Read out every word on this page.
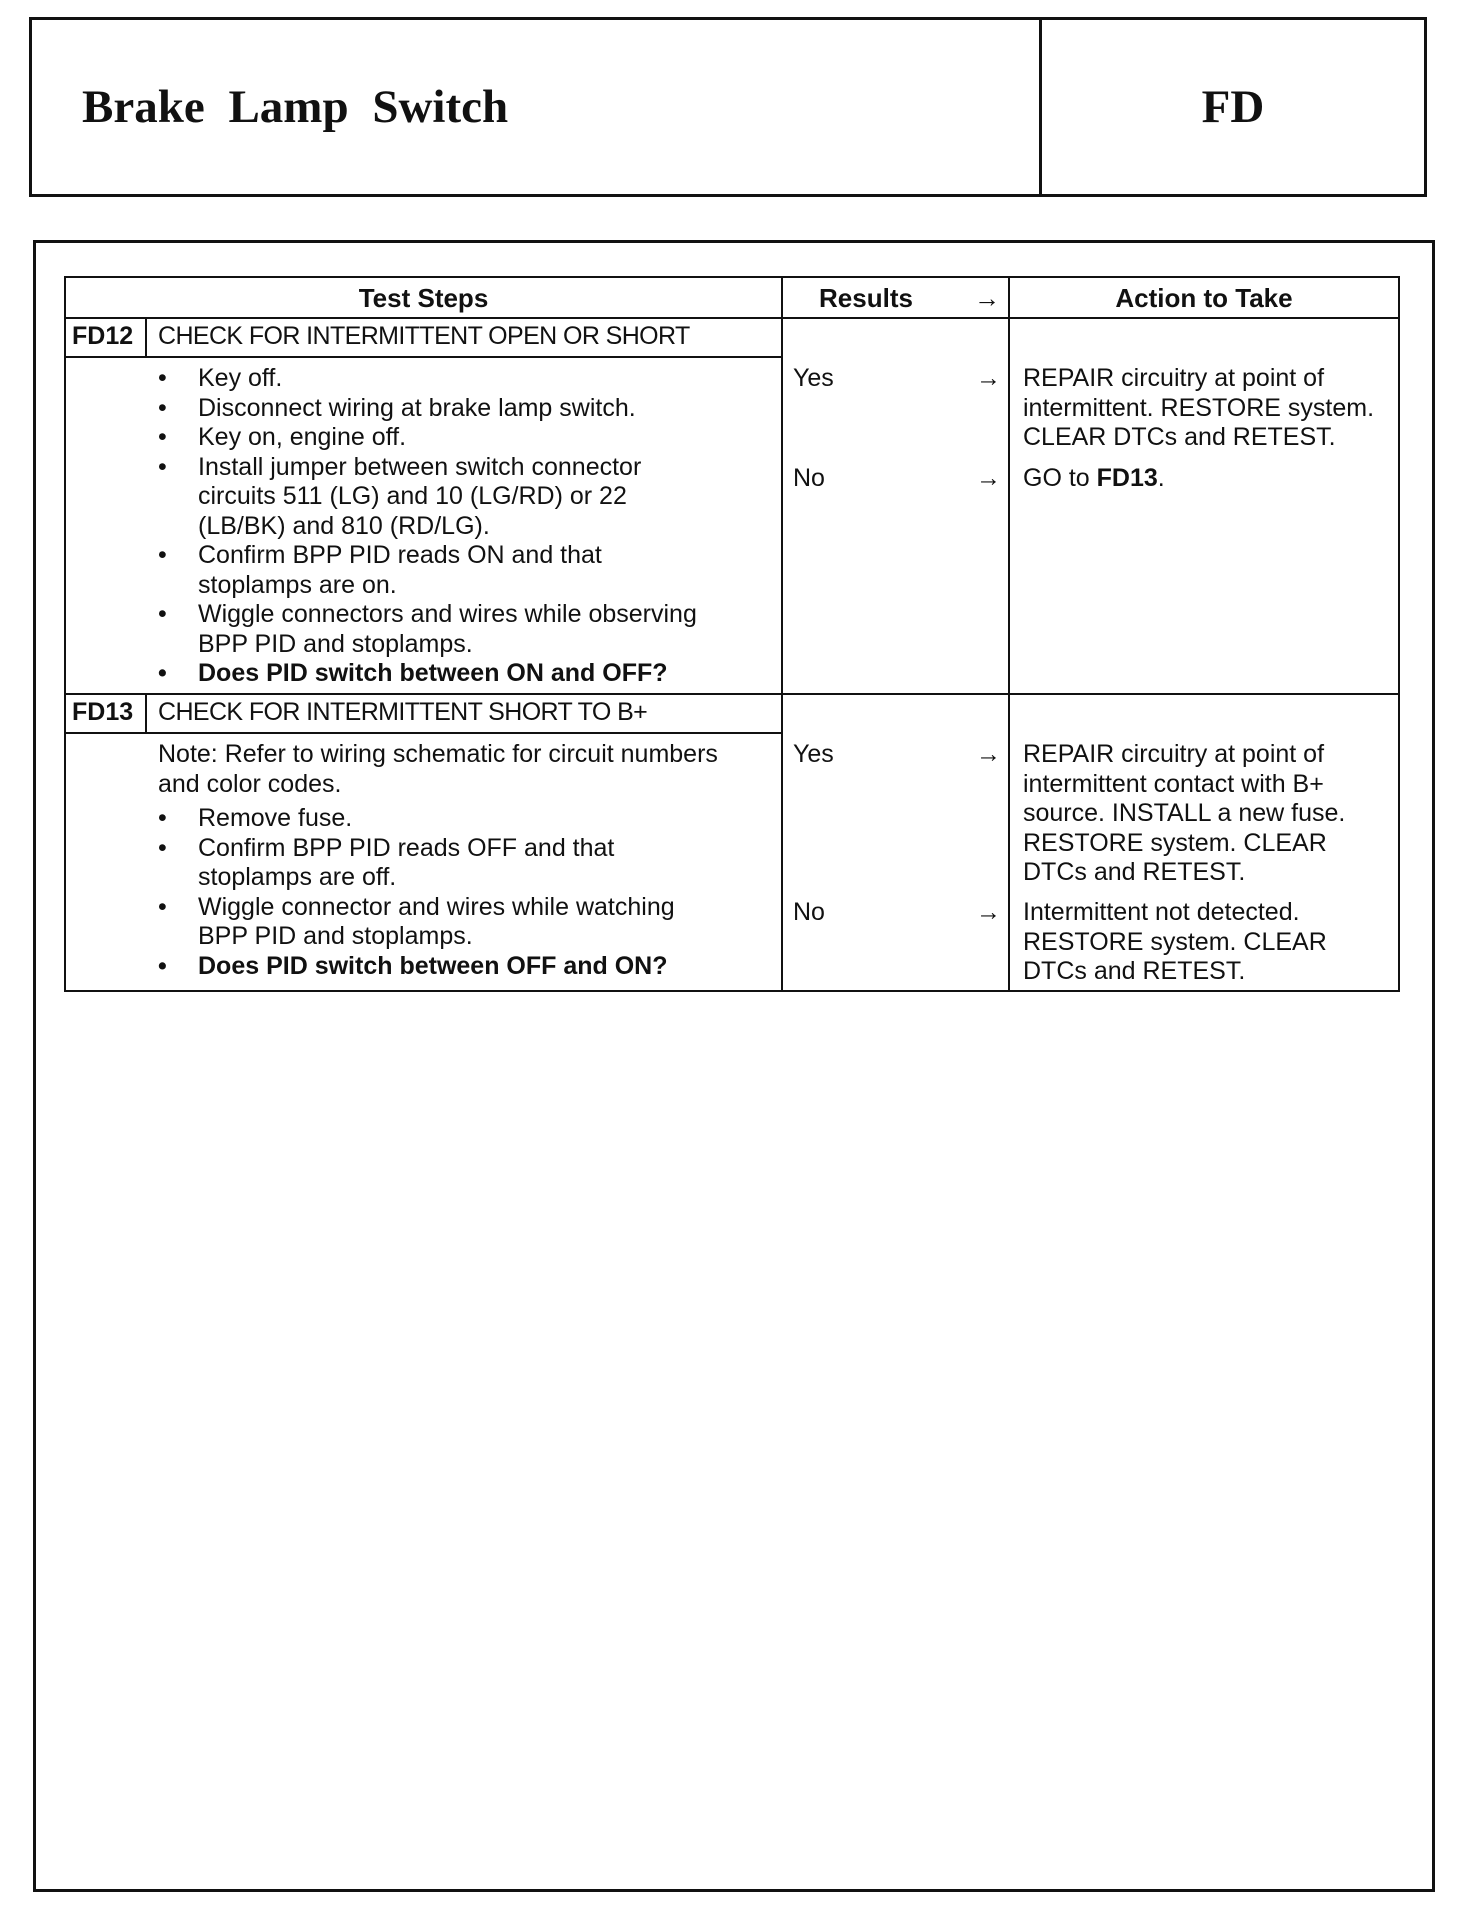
Brake Lamp Switch	FD
Test Steps	Results	→	Action to Take
FD12 CHECK FOR INTERMITTENT OPEN OR SHORT
• Key off.
• Disconnect wiring at brake lamp switch.
• Key on, engine off.
• Install jumper between switch connector circuits 511 (LG) and 10 (LG/RD) or 22 (LB/BK) and 810 (RD/LG).
• Confirm BPP PID reads ON and that stoplamps are on.
• Wiggle connectors and wires while observing BPP PID and stoplamps.
• Does PID switch between ON and OFF?
Yes	→ REPAIR circuitry at point of intermittent. RESTORE system. CLEAR DTCs and RETEST.
No	→ GO to FD13.
FD13 CHECK FOR INTERMITTENT SHORT TO B+
Note: Refer to wiring schematic for circuit numbers and color codes.
• Remove fuse.
• Confirm BPP PID reads OFF and that stoplamps are off.
• Wiggle connector and wires while watching BPP PID and stoplamps.
• Does PID switch between OFF and ON?
Yes	→ REPAIR circuitry at point of intermittent contact with B+ source. INSTALL a new fuse. RESTORE system. CLEAR DTCs and RETEST.
No	→ Intermittent not detected. RESTORE system. CLEAR DTCs and RETEST.
